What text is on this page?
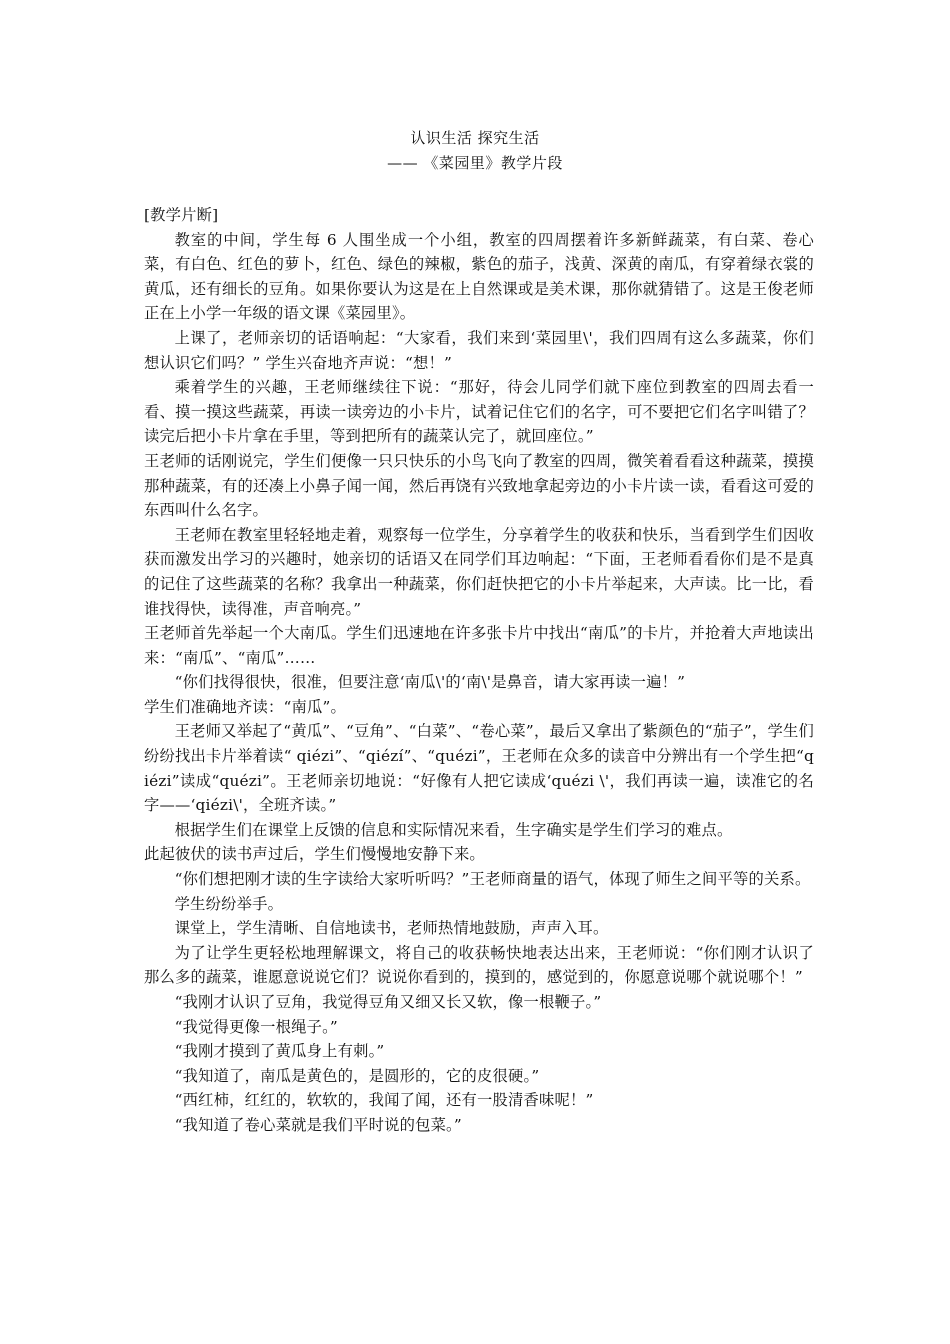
认识生活 探究生活
—— 《菜园里》教学片段

[教学片断]

教室的中间，学生每 6 人围坐成一个小组，教室的四周摆着许多新鲜蔬菜，有白菜、卷心菜，有白色、红色的萝卜，红色、绿色的辣椒，紫色的茄子，浅黄、深黄的南瓜，有穿着绿衣裳的黄瓜，还有细长的豆角。如果你要认为这是在上自然课或是美术课，那你就猜错了。这是王俊老师正在上小学一年级的语文课《菜园里》。

上课了，老师亲切的话语响起：“大家看，我们来到‘菜园里\'，我们四周有这么多蔬菜，你们想认识它们吗？” 学生兴奋地齐声说：“想！”

乘着学生的兴趣，王老师继续往下说：“那好，待会儿同学们就下座位到教室的四周去看一看、摸一摸这些蔬菜，再读一读旁边的小卡片，试着记住它们的名字，可不要把它们名字叫错了？读完后把小卡片拿在手里，等到把所有的蔬菜认完了，就回座位。”

王老师的话刚说完，学生们便像一只只快乐的小鸟飞向了教室的四周，微笑着看看这种蔬菜，摸摸那种蔬菜，有的还凑上小鼻子闻一闻，然后再饶有兴致地拿起旁边的小卡片读一读，看看这可爱的东西叫什么名字。

王老师在教室里轻轻地走着，观察每一位学生，分享着学生的收获和快乐，当看到学生们因收获而激发出学习的兴趣时，她亲切的话语又在同学们耳边响起：“下面，王老师看看你们是不是真的记住了这些蔬菜的名称？我拿出一种蔬菜，你们赶快把它的小卡片举起来，大声读。比一比，看谁找得快，读得准，声音响亮。”

王老师首先举起一个大南瓜。学生们迅速地在许多张卡片中找出“南瓜”的卡片，并抢着大声地读出来：“南瓜”、“南瓜”……

“你们找得很快，很准，但要注意‘南瓜\'的‘南\'是鼻音，请大家再读一遍！”

学生们准确地齐读：“南瓜”。

王老师又举起了“黄瓜”、“豆角”、“白菜”、“卷心菜”，最后又拿出了紫颜色的“茄子”，学生们纷纷找出卡片举着读“ qiézi”、“qiézí”、“quézi”，王老师在众多的读音中分辨出有一个学生把“qiézi”读成“quézi”。王老师亲切地说：“好像有人把它读成‘quézi \'，我们再读一遍，读准它的名字——‘qiézi\'，全班齐读。”

根据学生们在课堂上反馈的信息和实际情况来看，生字确实是学生们学习的难点。

此起彼伏的读书声过后，学生们慢慢地安静下来。

“你们想把刚才读的生字读给大家听听吗？”王老师商量的语气，体现了师生之间平等的关系。

学生纷纷举手。

课堂上，学生清晰、自信地读书，老师热情地鼓励，声声入耳。

为了让学生更轻松地理解课文，将自己的收获畅快地表达出来，王老师说：“你们刚才认识了那么多的蔬菜，谁愿意说说它们？说说你看到的，摸到的，感觉到的，你愿意说哪个就说哪个！”

“我刚才认识了豆角，我觉得豆角又细又长又软，像一根鞭子。”

“我觉得更像一根绳子。”

“我刚才摸到了黄瓜身上有刺。”

“我知道了，南瓜是黄色的，是圆形的，它的皮很硬。”

“西红柿，红红的，软软的，我闻了闻，还有一股清香味呢！”

“我知道了卷心菜就是我们平时说的包菜。”
